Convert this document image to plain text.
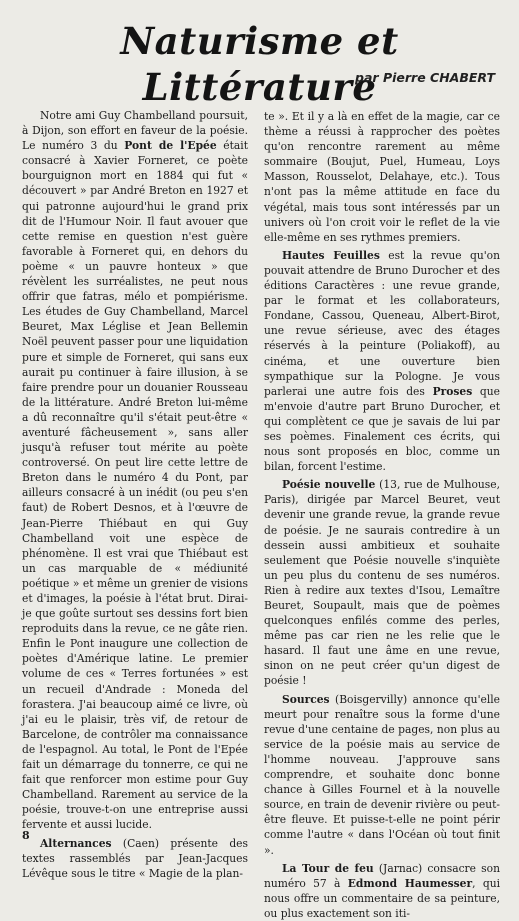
Naturisme et Littérature
par Pierre CHABERT

Notre ami Guy Chambelland poursuit, à Dijon, son effort en faveur de la poésie. Le numéro 3 du Pont de l'Epée était consacré à Xavier Forneret, ce poète bourguignon mort en 1884 qui fut « découvert » par André Breton en 1927 et qui patronne aujourd'hui le grand prix dit de l'Humour Noir. Il faut avouer que cette remise en question n'est guère favorable à Forneret qui, en dehors du poème « un pauvre honteux » que révèlent les surréalistes, ne peut nous offrir que fatras, mélo et pompiérisme. Les études de Guy Chambelland, Marcel Beuret, Max Léglise et Jean Bellemin Noël peuvent passer pour une liquidation pure et simple de Forneret, qui sans eux aurait pu continuer à faire illusion, à se faire prendre pour un douanier Rousseau de la littérature. André Breton lui-même a dû reconnaître qu'il s'était peut-être « aventuré fâcheusement », sans aller jusqu'à refuser tout mérite au poète controversé. On peut lire cette lettre de Breton dans le numéro 4 du Pont, par ailleurs consacré à un inédit (ou peu s'en faut) de Robert Desnos, et à l'œuvre de Jean-Pierre Thiébaut en qui Guy Chambelland voit une espèce de phénomène. Il est vrai que Thiébaut est un cas marquable de « médiunité poétique » et même un grenier de visions et d'images, la poésie à l'état brut. Dirai-je que goûte surtout ses dessins fort bien reproduits dans la revue, ce ne gâte rien. Enfin le Pont inaugure une collection de poètes d'Amérique latine. Le premier volume de ces « Terres fortunées » est un recueil d'Andrade : Moneda del forastera. J'ai beaucoup aimé ce livre, où j'ai eu le plaisir, très vif, de retour de Barcelone, de contrôler ma connaissance de l'espagnol. Au total, le Pont de l'Epée fait un démarrage du tonnerre, ce qui ne fait que renforcer mon estime pour Guy Chambelland. Rarement au service de la poésie, trouve-t-on une entreprise aussi fervente et aussi lucide.

Alternances (Caen) présente des textes rassemblés par Jean-Jacques Lévêque sous le titre « Magie de la plan-

te ». Et il y a là en effet de la magie, car ce thème a réussi à rapprocher des poètes qu'on rencontre rarement au même sommaire (Boujut, Puel, Humeau, Loys Masson, Rousselot, Delahaye, etc.). Tous n'ont pas la même attitude en face du végétal, mais tous sont intéressés par un univers où l'on croit voir le reflet de la vie elle-même en ses rythmes premiers.

Hautes Feuilles est la revue qu'on pouvait attendre de Bruno Durocher et des éditions Caractères : une revue grande, par le format et les collaborateurs, Fondane, Cassou, Queneau, Albert-Birot, une revue sérieuse, avec des étages réservés à la peinture (Poliakoff), au cinéma, et une ouverture bien sympathique sur la Pologne. Je vous parlerai une autre fois des Proses que m'envoie d'autre part Bruno Durocher, et qui complètent ce que je savais de lui par ses poèmes. Finalement ces écrits, qui nous sont proposés en bloc, comme un bilan, forcent l'estime.

Poésie nouvelle (13, rue de Mulhouse, Paris), dirigée par Marcel Beuret, veut devenir une grande revue, la grande revue de poésie. Je ne saurais contredire à un dessein aussi ambitieux et souhaite seulement que Poésie nouvelle s'inquiète un peu plus du contenu de ses numéros. Rien à redire aux textes d'Isou, Lemaître Beuret, Soupault, mais que de poèmes quelconques enfilés comme des perles, même pas car rien ne les relie que le hasard. Il faut une âme en une revue, sinon on ne peut créer qu'un digest de poésie !

Sources (Boisgervilly) annonce qu'elle meurt pour renaître sous la forme d'une revue d'une centaine de pages, non plus au service de la poésie mais au service de l'homme nouveau. J'approuve sans comprendre, et souhaite donc bonne chance à Gilles Fournel et à la nouvelle source, en train de devenir rivière ou peut-être fleuve. Et puisse-t-elle ne point périr comme l'autre « dans l'Océan où tout finit ».

La Tour de feu (Jarnac) consacre son numéro 57 à Edmond Haumesser, qui nous offre un commentaire de sa peinture, ou plus exactement son iti-

8
